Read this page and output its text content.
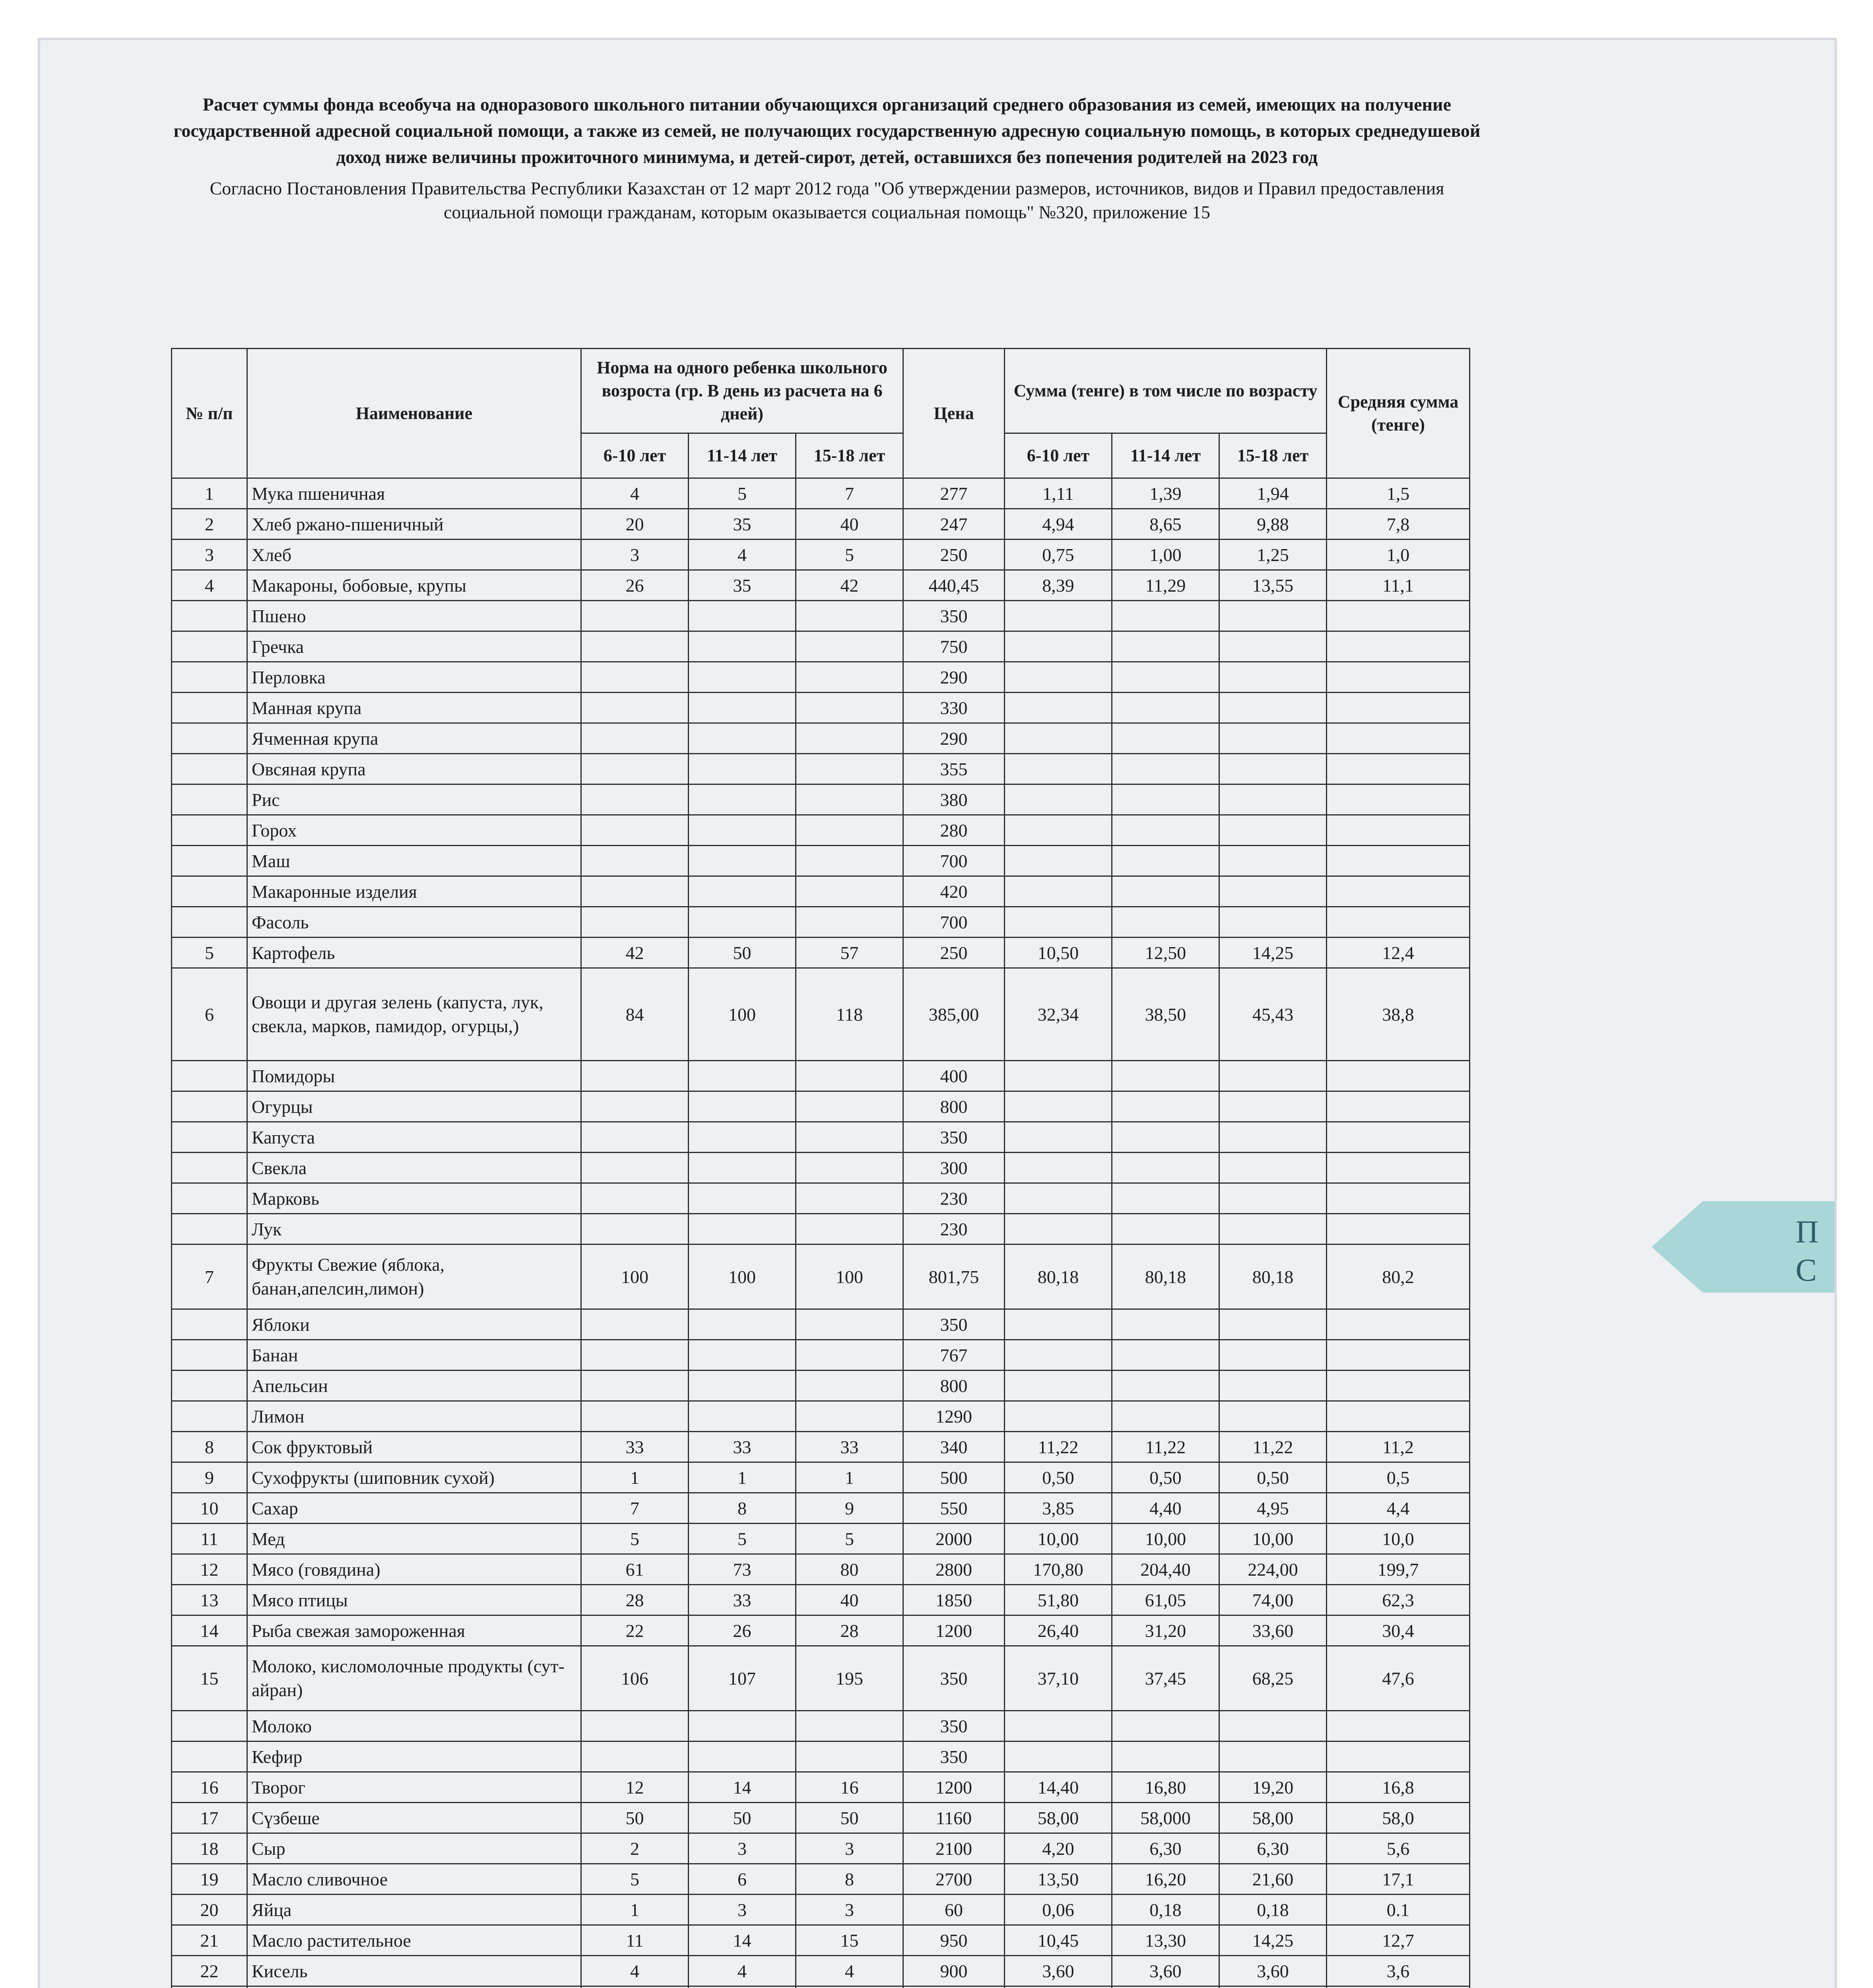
П
С

Расчет суммы фонда всеобуча на одноразового школьного питании обучающихся организаций среднего образования из семей, имеющих на получение государственной адресной социальной помощи, а также из семей, не получающих государственную адресную социальную помощь, в которых среднедушевой доход ниже величины прожиточного минимума, и детей-сирот, детей, оставшихся без попечения родителей на 2023 год

Согласно Постановления Правительства Республики Казахстан от 12 март 2012 года "Об утверждении размеров, источников, видов и Правил предоставления социальной помощи гражданам, которым оказывается социальная помощь" №320, приложение 15

№ п/п	Наименование	Норма на одного ребенка школьного возроста (гр. В день из расчета на 6 дней)			Цена	Сумма (тенге) в том числе по возрасту			Средняя сумма (тенге)
		6-10 лет	11-14 лет	15-18 лет		6-10 лет	11-14 лет	15-18 лет	
1	Мука пшеничная	4	5	7	277	1,11	1,39	1,94	1,5
2	Хлеб ржано-пшеничный	20	35	40	247	4,94	8,65	9,88	7,8
3	Хлеб	3	4	5	250	0,75	1,00	1,25	1,0
4	Макароны, бобовые, крупы	26	35	42	440,45	8,39	11,29	13,55	11,1
	Пшено				350				
	Гречка				750				
	Перловка				290				
	Манная крупа				330				
	Ячменная крупа				290				
	Овсяная крупа				355				
	Рис				380				
	Горох				280				
	Маш				700				
	Макаронные изделия				420				
	Фасоль				700				
5	Картофель	42	50	57	250	10,50	12,50	14,25	12,4
6	Овощи и другая зелень (капуста, лук, свекла, марков, памидор, огурцы,)	84	100	118	385,00	32,34	38,50	45,43	38,8
	Помидоры				400				
	Огурцы				800				
	Капуста				350				
	Свекла				300				
	Марковь				230				
	Лук				230				
7	Фрукты Свежие (яблока, банан,апелсин,лимон)	100	100	100	801,75	80,18	80,18	80,18	80,2
	Яблоки				350				
	Банан				767				
	Апельсин				800				
	Лимон				1290				
8	Сок фруктовый	33	33	33	340	11,22	11,22	11,22	11,2
9	Сухофрукты (шиповник сухой)	1	1	1	500	0,50	0,50	0,50	0,5
10	Сахар	7	8	9	550	3,85	4,40	4,95	4,4
11	Мед	5	5	5	2000	10,00	10,00	10,00	10,0
12	Мясо (говядина)	61	73	80	2800	170,80	204,40	224,00	199,7
13	Мясо птицы	28	33	40	1850	51,80	61,05	74,00	62,3
14	Рыба свежая замороженная	22	26	28	1200	26,40	31,20	33,60	30,4
15	Молоко, кисломолочные продукты (сут-айран)	106	107	195	350	37,10	37,45	68,25	47,6
	Молоко				350				
	Кефир				350				
16	Творог	12	14	16	1200	14,40	16,80	19,20	16,8
17	Сүзбеше	50	50	50	1160	58,00	58,000	58,00	58,0
18	Сыр	2	3	3	2100	4,20	6,30	6,30	5,6
19	Масло сливочное	5	6	8	2700	13,50	16,20	21,60	17,1
20	Яйца	1	3	3	60	0,06	0,18	0,18	0.1
21	Масло растительное	11	14	15	950	10,45	13,30	14,25	12,7
22	Кисель	4	4	4	900	3,60	3,60	3,60	3,6
